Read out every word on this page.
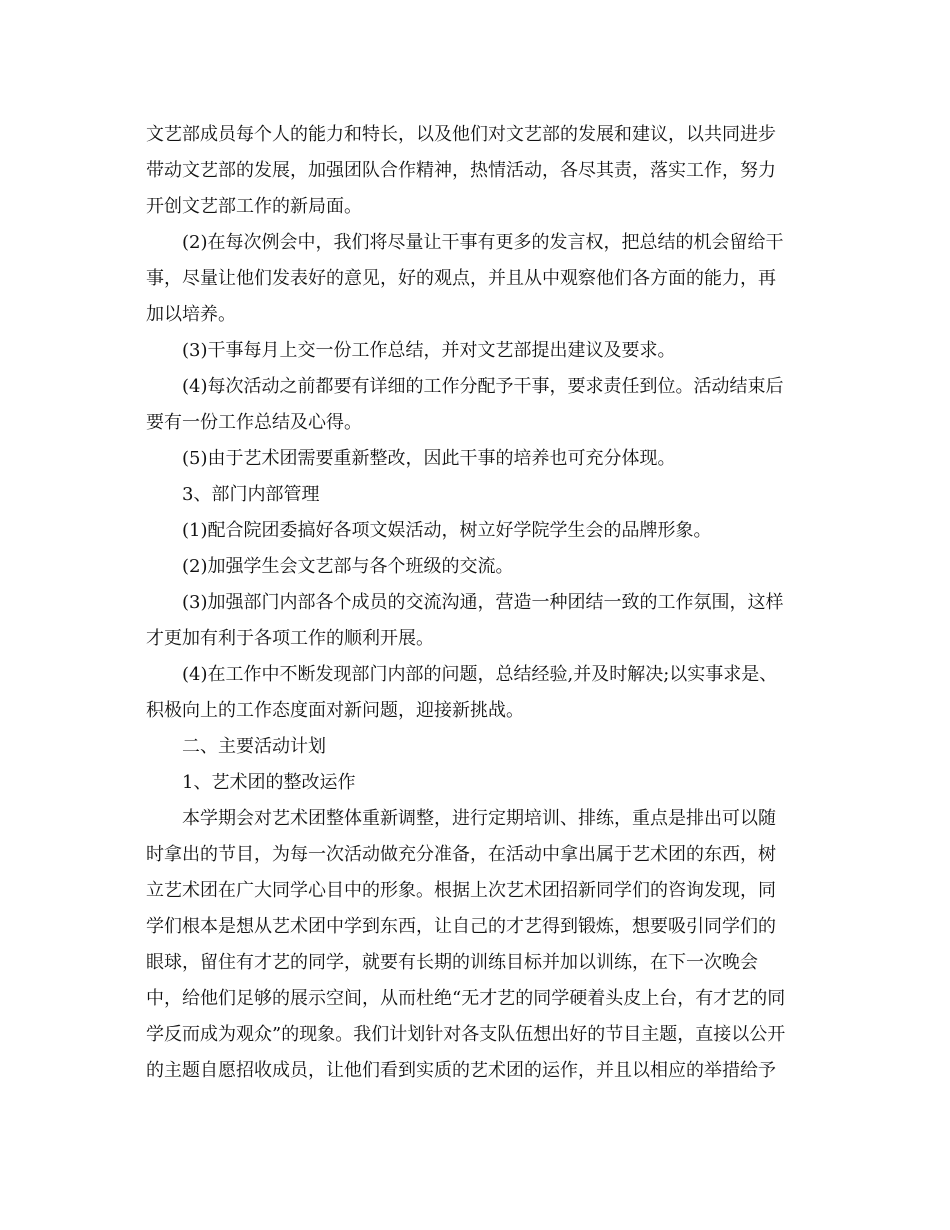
文艺部成员每个人的能力和特长，以及他们对文艺部的发展和建议，以共同进步
带动文艺部的发展，加强团队合作精神，热情活动，各尽其责，落实工作，努力
开创文艺部工作的新局面。
(2)在每次例会中，我们将尽量让干事有更多的发言权，把总结的机会留给干
事，尽量让他们发表好的意见，好的观点，并且从中观察他们各方面的能力，再
加以培养。
(3)干事每月上交一份工作总结，并对文艺部提出建议及要求。
(4)每次活动之前都要有详细的工作分配予干事，要求责任到位。活动结束后
要有一份工作总结及心得。
(5)由于艺术团需要重新整改，因此干事的培养也可充分体现。
3、部门内部管理
(1)配合院团委搞好各项文娱活动，树立好学院学生会的品牌形象。
(2)加强学生会文艺部与各个班级的交流。
(3)加强部门内部各个成员的交流沟通，营造一种团结一致的工作氛围，这样
才更加有利于各项工作的顺利开展。
(4)在工作中不断发现部门内部的问题，总结经验,并及时解决;以实事求是、
积极向上的工作态度面对新问题，迎接新挑战。
二、主要活动计划
1、艺术团的整改运作
本学期会对艺术团整体重新调整，进行定期培训、排练，重点是排出可以随
时拿出的节目，为每一次活动做充分准备，在活动中拿出属于艺术团的东西，树
立艺术团在广大同学心目中的形象。根据上次艺术团招新同学们的咨询发现，同
学们根本是想从艺术团中学到东西，让自己的才艺得到锻炼，想要吸引同学们的
眼球，留住有才艺的同学，就要有长期的训练目标并加以训练，在下一次晚会
中，给他们足够的展示空间，从而杜绝“无才艺的同学硬着头皮上台，有才艺的同
学反而成为观众”的现象。我们计划针对各支队伍想出好的节目主题，直接以公开
的主题自愿招收成员，让他们看到实质的艺术团的运作，并且以相应的举措给予
